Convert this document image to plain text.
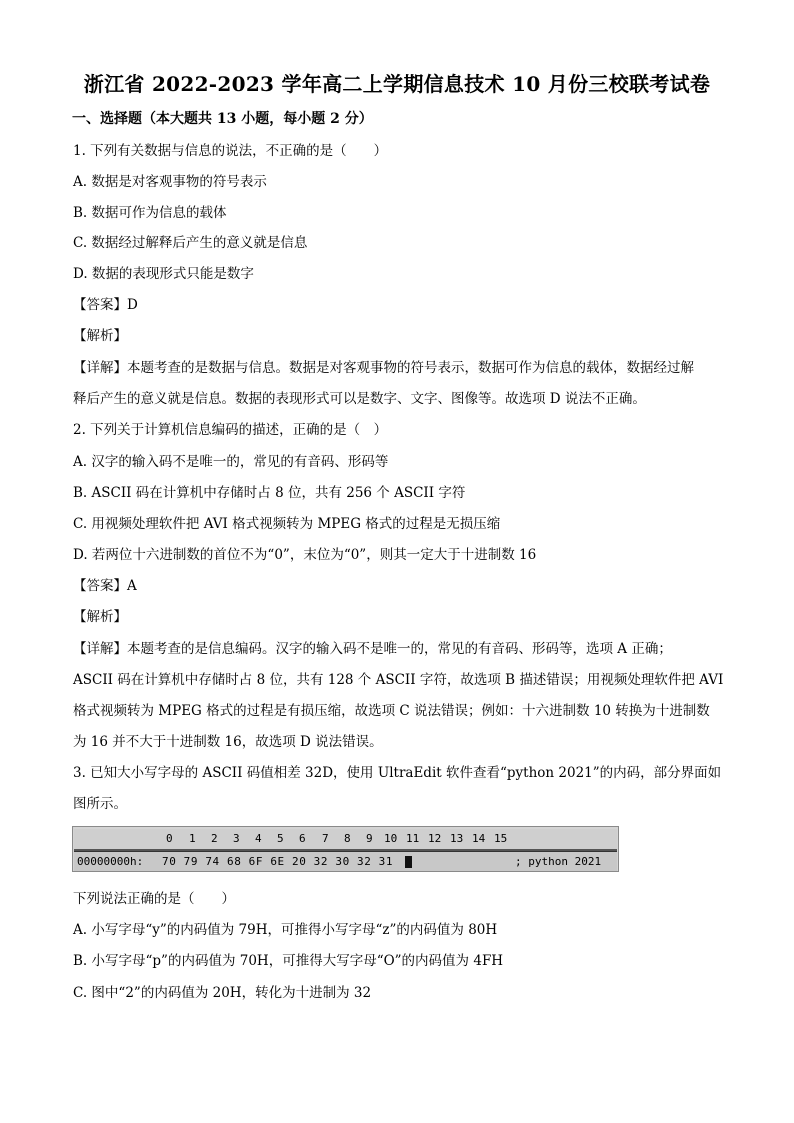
浙江省 2022-2023 学年高二上学期信息技术 10 月份三校联考试卷
一、选择题（本大题共 13 小题，每小题 2 分）
1. 下列有关数据与信息的说法，不正确的是（　　）
A. 数据是对客观事物的符号表示
B. 数据可作为信息的载体
C. 数据经过解释后产生的意义就是信息
D. 数据的表现形式只能是数字
【答案】D
【解析】
【详解】本题考查的是数据与信息。数据是对客观事物的符号表示，数据可作为信息的载体，数据经过解
释后产生的意义就是信息。数据的表现形式可以是数字、文字、图像等。故选项 D 说法不正确。
2. 下列关于计算机信息编码的描述，正确的是（　）
A. 汉字的输入码不是唯一的，常见的有音码、形码等
B. ASCII 码在计算机中存储时占 8 位，共有 256 个 ASCII 字符
C. 用视频处理软件把 AVI 格式视频转为 MPEG 格式的过程是无损压缩
D. 若两位十六进制数的首位不为“0”，末位为“0”，则其一定大于十进制数 16
【答案】A
【解析】
【详解】本题考查的是信息编码。汉字的输入码不是唯一的，常见的有音码、形码等，选项 A 正确；
ASCII 码在计算机中存储时占 8 位，共有 128 个 ASCII 字符，故选项 B 描述错误；用视频处理软件把 AVI
格式视频转为 MPEG 格式的过程是有损压缩，故选项 C 说法错误；例如：十六进制数 10 转换为十进制数
为 16 并不大于十进制数 16，故选项 D 说法错误。
3. 已知大小写字母的 ASCII 码值相差 32D，使用 UltraEdit 软件查看“python 2021”的内码，部分界面如
图所示。
0 1 2 3 4 5 6 7 8 9 10 11 12 13 14 15
00000000h: 70 79 74 68 6F 6E 20 32 30 32 31	; python 2021
下列说法正确的是（　　）
A. 小写字母“y”的内码值为 79H，可推得小写字母“z”的内码值为 80H
B. 小写字母“p”的内码值为 70H，可推得大写字母“O”的内码值为 4FH
C. 图中“2”的内码值为 20H，转化为十进制为 32
